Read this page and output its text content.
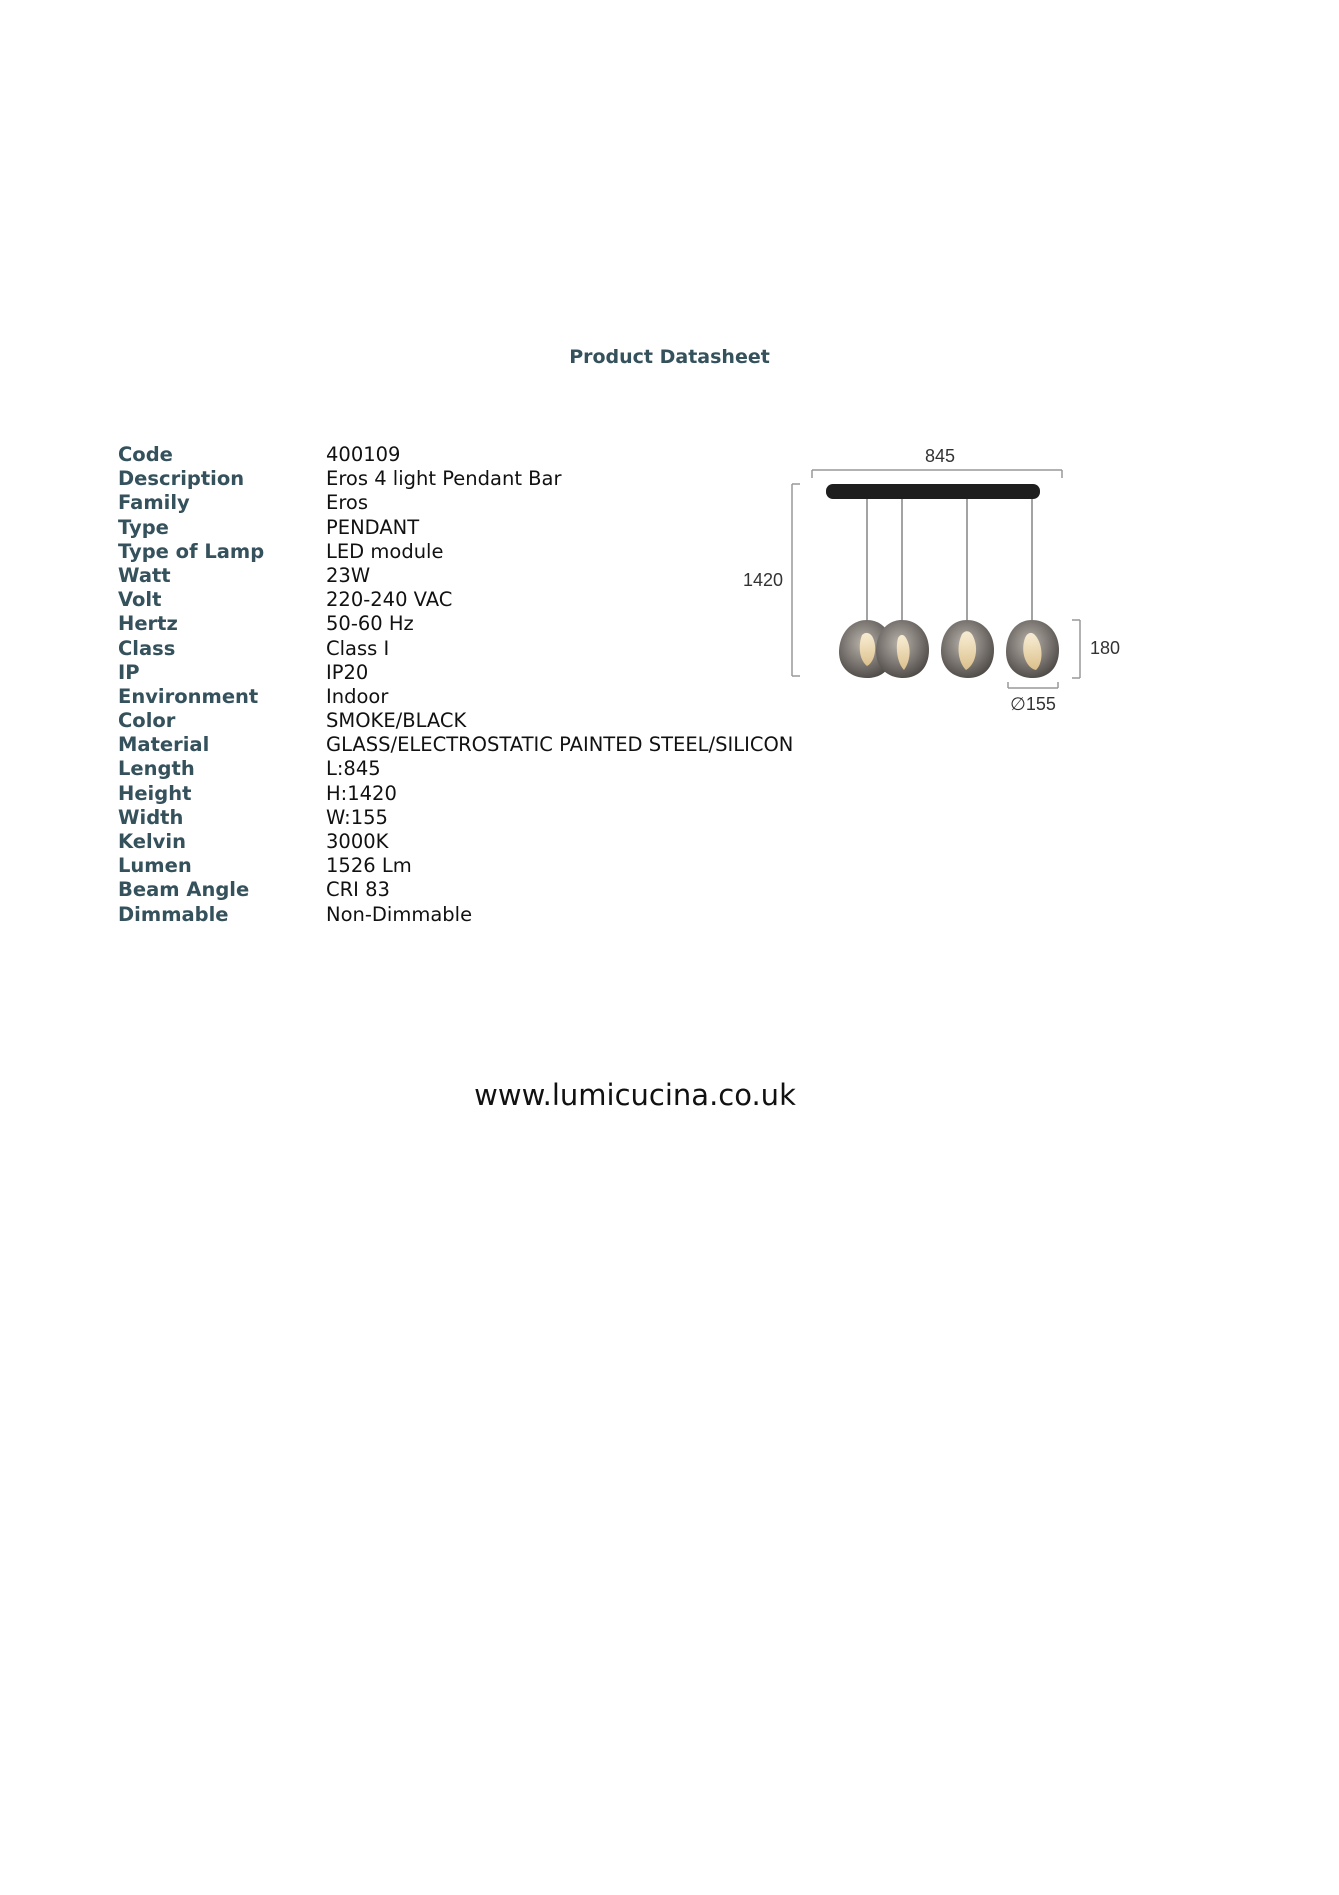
Product Datasheet
Code	400109
Description	Eros 4 light Pendant Bar
Family	Eros
Type	PENDANT
Type of Lamp	LED module
Watt	23W
Volt	220-240 VAC
Hertz	50-60 Hz
Class	Class I
IP	IP20
Environment	Indoor
Color	SMOKE/BLACK
Material	GLASS/ELECTROSTATIC PAINTED STEEL/SILICON
Length	L:845
Height	H:1420
Width	W:155
Kelvin	3000K
Lumen	1526 Lm
Beam Angle	CRI 83
Dimmable	Non-Dimmable
845
1420
180
∅155
www.lumicucina.co.uk
